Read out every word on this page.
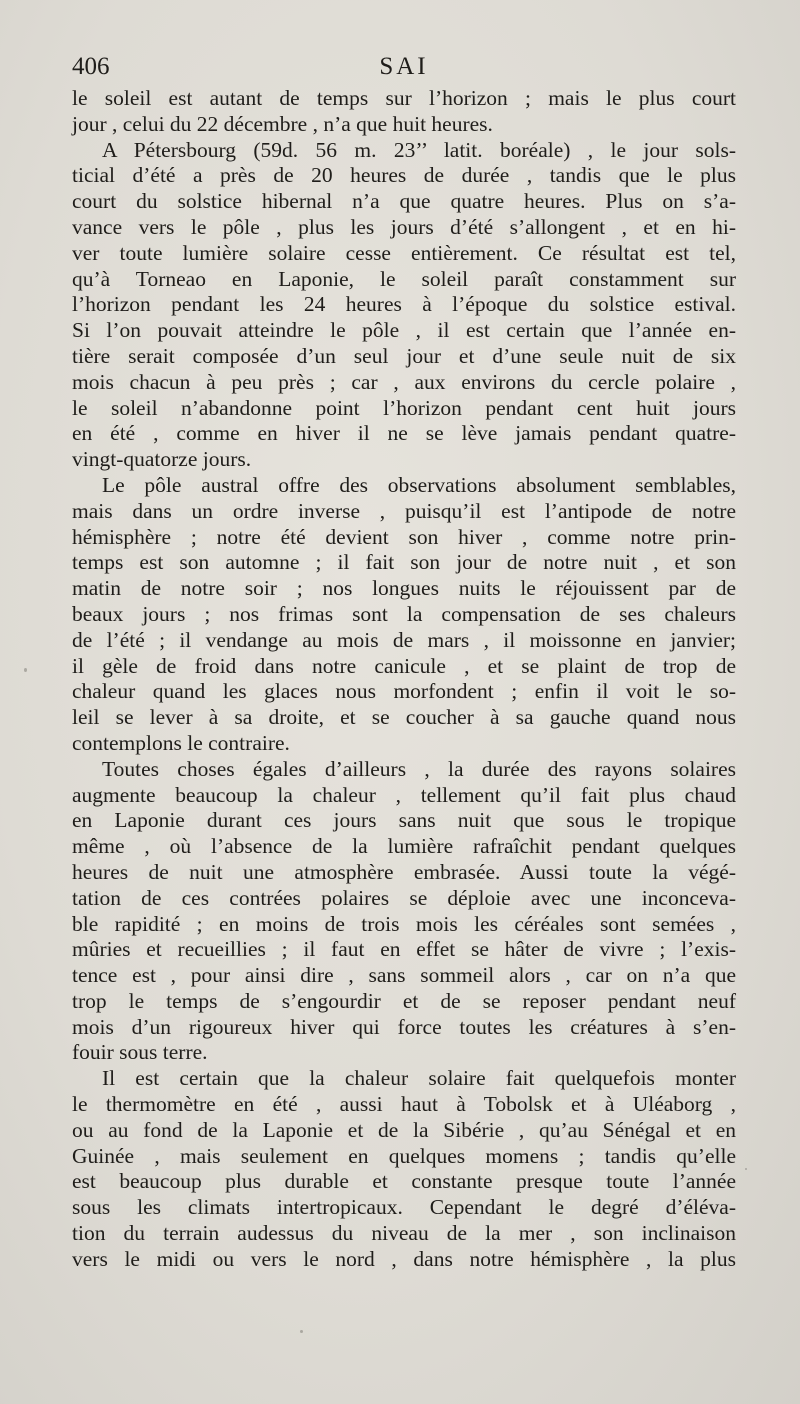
406	SAI
le soleil est autant de temps sur l’horizon ; mais le plus court
jour , celui du 22 décembre , n’a que huit heures.
A Pétersbourg (59d. 56 m. 23’’ latit. boréale) , le jour sols-
ticial d’été a près de 20 heures de durée , tandis que le plus
court du solstice hibernal n’a que quatre heures. Plus on s’a-
vance vers le pôle , plus les jours d’été s’allongent , et en hi-
ver toute lumière solaire cesse entièrement. Ce résultat est tel,
qu’à Torneao en Laponie, le soleil paraît constamment sur
l’horizon pendant les 24 heures à l’époque du solstice estival.
Si l’on pouvait atteindre le pôle , il est certain que l’année en-
tière serait composée d’un seul jour et d’une seule nuit de six
mois chacun à peu près ; car , aux environs du cercle polaire ,
le soleil n’abandonne point l’horizon pendant cent huit jours
en été , comme en hiver il ne se lève jamais pendant quatre-
vingt-quatorze jours.
Le pôle austral offre des observations absolument semblables,
mais dans un ordre inverse , puisqu’il est l’antipode de notre
hémisphère ; notre été devient son hiver , comme notre prin-
temps est son automne ; il fait son jour de notre nuit , et son
matin de notre soir ; nos longues nuits le réjouissent par de
beaux jours ; nos frimas sont la compensation de ses chaleurs
de l’été ; il vendange au mois de mars , il moissonne en janvier;
il gèle de froid dans notre canicule , et se plaint de trop de
chaleur quand les glaces nous morfondent ; enfin il voit le so-
leil se lever à sa droite, et se coucher à sa gauche quand nous
contemplons le contraire.
Toutes choses égales d’ailleurs , la durée des rayons solaires
augmente beaucoup la chaleur , tellement qu’il fait plus chaud
en Laponie durant ces jours sans nuit que sous le tropique
même , où l’absence de la lumière rafraîchit pendant quelques
heures de nuit une atmosphère embrasée. Aussi toute la végé-
tation de ces contrées polaires se déploie avec une inconceva-
ble rapidité ; en moins de trois mois les céréales sont semées ,
mûries et recueillies ; il faut en effet se hâter de vivre ; l’exis-
tence est , pour ainsi dire , sans sommeil alors , car on n’a que
trop le temps de s’engourdir et de se reposer pendant neuf
mois d’un rigoureux hiver qui force toutes les créatures à s’en-
fouir sous terre.
Il est certain que la chaleur solaire fait quelquefois monter
le thermomètre en été , aussi haut à Tobolsk et à Uléaborg ,
ou au fond de la Laponie et de la Sibérie , qu’au Sénégal et en
Guinée , mais seulement en quelques momens ; tandis qu’elle
est beaucoup plus durable et constante presque toute l’année
sous les climats intertropicaux. Cependant le degré d’éléva-
tion du terrain audessus du niveau de la mer , son inclinaison
vers le midi ou vers le nord , dans notre hémisphère , la plus
